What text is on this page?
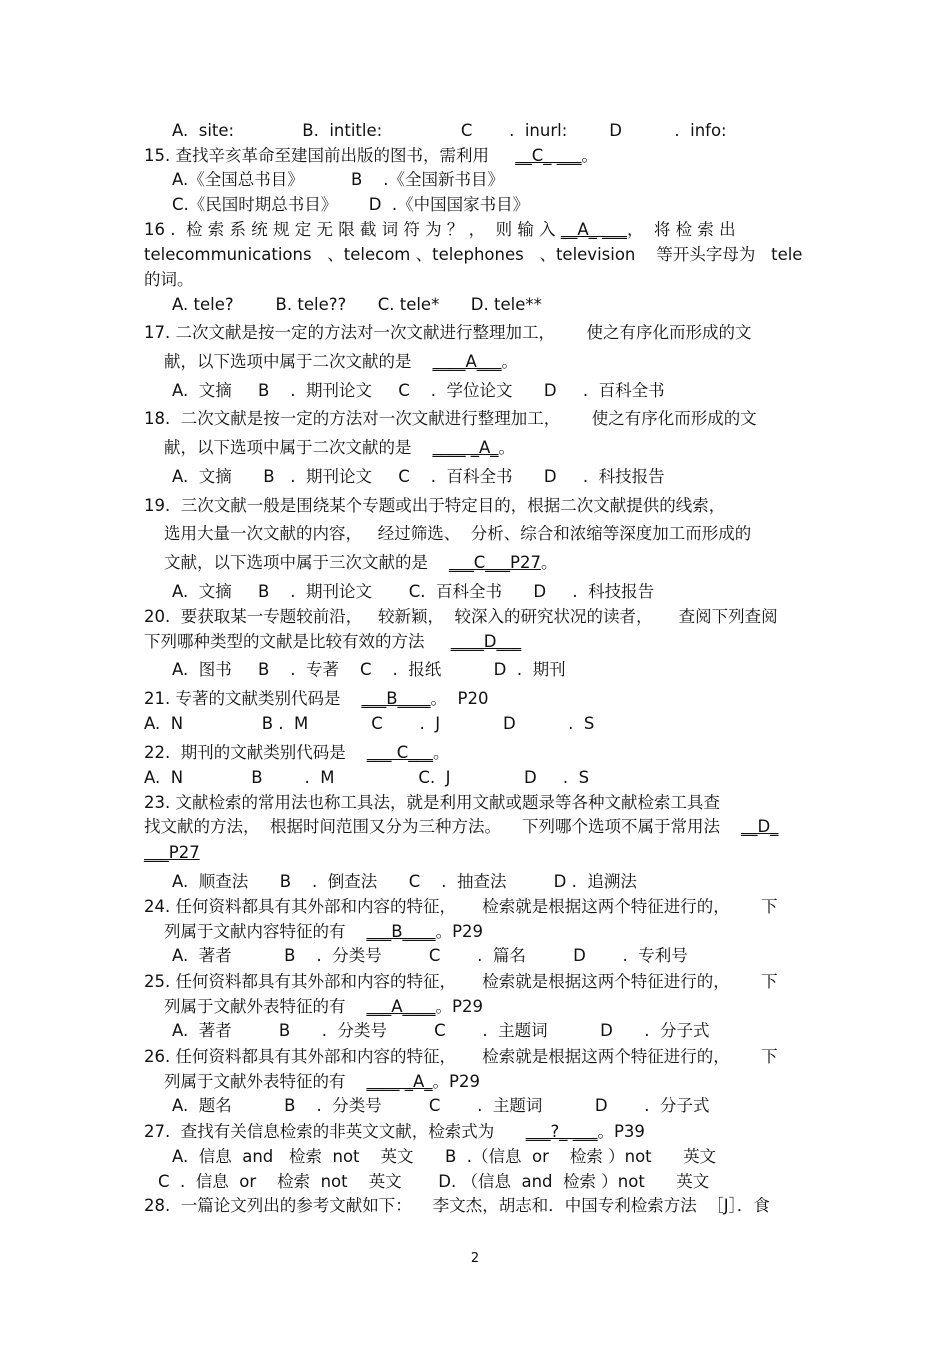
A.  site:             B.  intitle:               C       .  inurl:        D          .  info:
15. 查找辛亥革命至建国前出版的图书，需利用     __C_ ___。
A.《全国总书目》         B    .《全国新书目》
C.《民国时期总书目》      D  .《中国国家书目》
16 .  检 索 系 统 规 定 无 限 截 词 符 为 ？ ，  则 输 入 __A_ ___，  将 检 索 出
telecommunications   、telecom 、telephones   、television    等开头字母为   tele
的词。
A. tele?        B. tele??      C. tele*      D. tele**
17. 二次文献是按一定的方法对一次文献进行整理加工，      使之有序化而形成的文
献，以下选项中属于二次文献的是    ____A___。
A.  文摘     B    .  期刊论文     C    .  学位论文      D     .  百科全书
18.  二次文献是按一定的方法对一次文献进行整理加工，      使之有序化而形成的文
献，以下选项中属于二次文献的是    ____ _A_。
A.  文摘      B   .  期刊论文     C    .  百科全书      D     .  科技报告
19.  三次文献一般是围绕某个专题或出于特定目的，根据二次文献提供的线索，
选用大量一次文献的内容，   经过筛选、  分析、综合和浓缩等深度加工而形成的
文献，以下选项中属于三次文献的是    ___C___P27。
A.  文摘     B    .  期刊论文       C.  百科全书      D     .  科技报告
20.  要获取某一专题较前沿，   较新颖，  较深入的研究状况的读者，     查阅下列查阅
下列哪种类型的文献是比较有效的方法     ____D___
A.  图书     B    .  专著    C    .  报纸          D  .  期刊
21. 专著的文献类别代码是    ___B____。  P20
A.  N               B .  M            C       .  J            D          .  S
22.  期刊的文献类别代码是    ___ C___。
A.  N             B        .  M                C.  J              D     .  S
23. 文献检索的常用法也称工具法，就是利用文献或题录等各种文献检索工具查
找文献的方法，  根据时间范围又分为三种方法。    下列哪个选项不属于常用法    __D_
___P27
A.  顺查法      B    .  倒查法      C    .  抽查法         D .  追溯法
24. 任何资料都具有其外部和内容的特征，     检索就是根据这两个特征进行的，      下
列属于文献内容特征的有    ___B____。P29
A.  著者          B    .  分类号         C       .  篇名         D       .  专利号
25. 任何资料都具有其外部和内容的特征，     检索就是根据这两个特征进行的，      下
列属于文献外表特征的有    ___A____。P29
A.  著者         B      .  分类号         C       .  主题词          D      .  分子式
26. 任何资料都具有其外部和内容的特征，     检索就是根据这两个特征进行的，      下
列属于文献外表特征的有    ____ _A_。P29
A.  题名          B    .  分类号         C       .  主题词          D       .  分子式
27.  查找有关信息检索的非英文文献，检索式为      ___?_ ___。P39
A.  信息  and   检索  not    英文      B  .（信息  or    检索 ）not      英文
C  .  信息  or    检索  not    英文       D. （信息  and  检索 ）not      英文
28.  一篇论文列出的参考文献如下：    李文杰，胡志和．中国专利检索方法  ［J］．食
2
